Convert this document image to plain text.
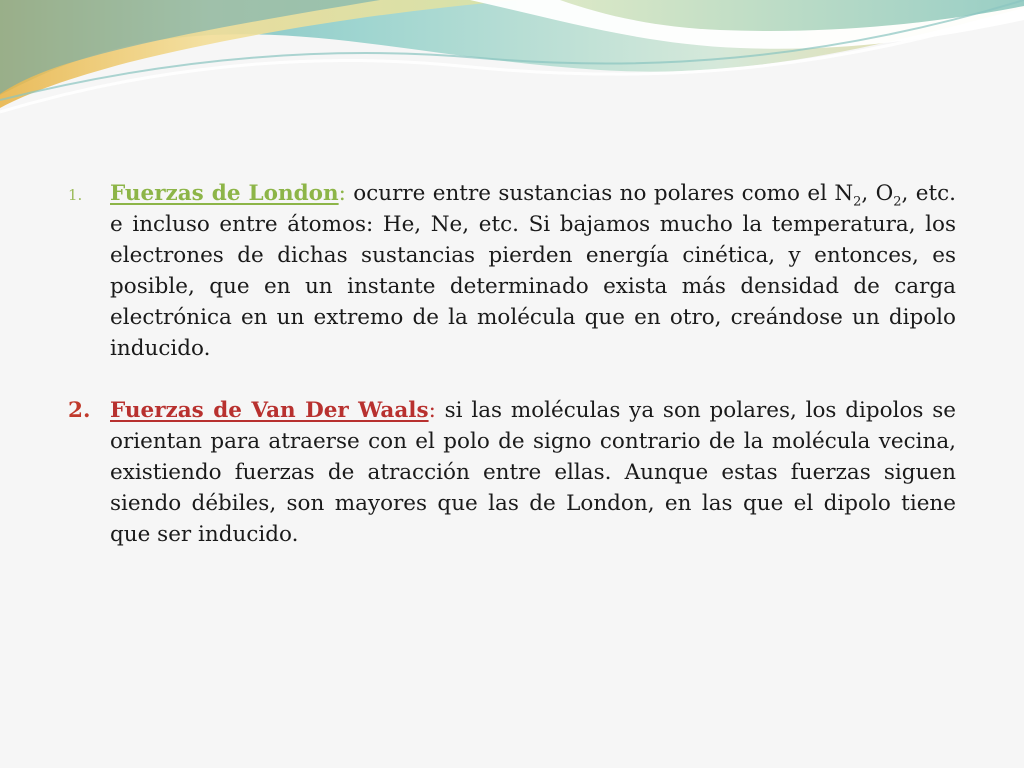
1.	Fuerzas de London: ocurre entre sustancias no polares como el $N_2$, $O_2$, etc. e incluso entre átomos: He, Ne, etc. Si bajamos mucho la temperatura, los electrones de dichas sustancias pierden energía cinética, y entonces, es posible, que en un instante determinado exista más densidad de carga electrónica en un extremo de la molécula que en otro, creándose un dipolo inducido.
2. Fuerzas de Van Der Waals: si las moléculas ya son polares, los dipolos se orientan para atraerse con el polo de signo contrario de la molécula vecina, existiendo fuerzas de atracción entre ellas. Aunque estas fuerzas siguen siendo débiles, son mayores que las de London, en las que el dipolo tiene que ser inducido.
